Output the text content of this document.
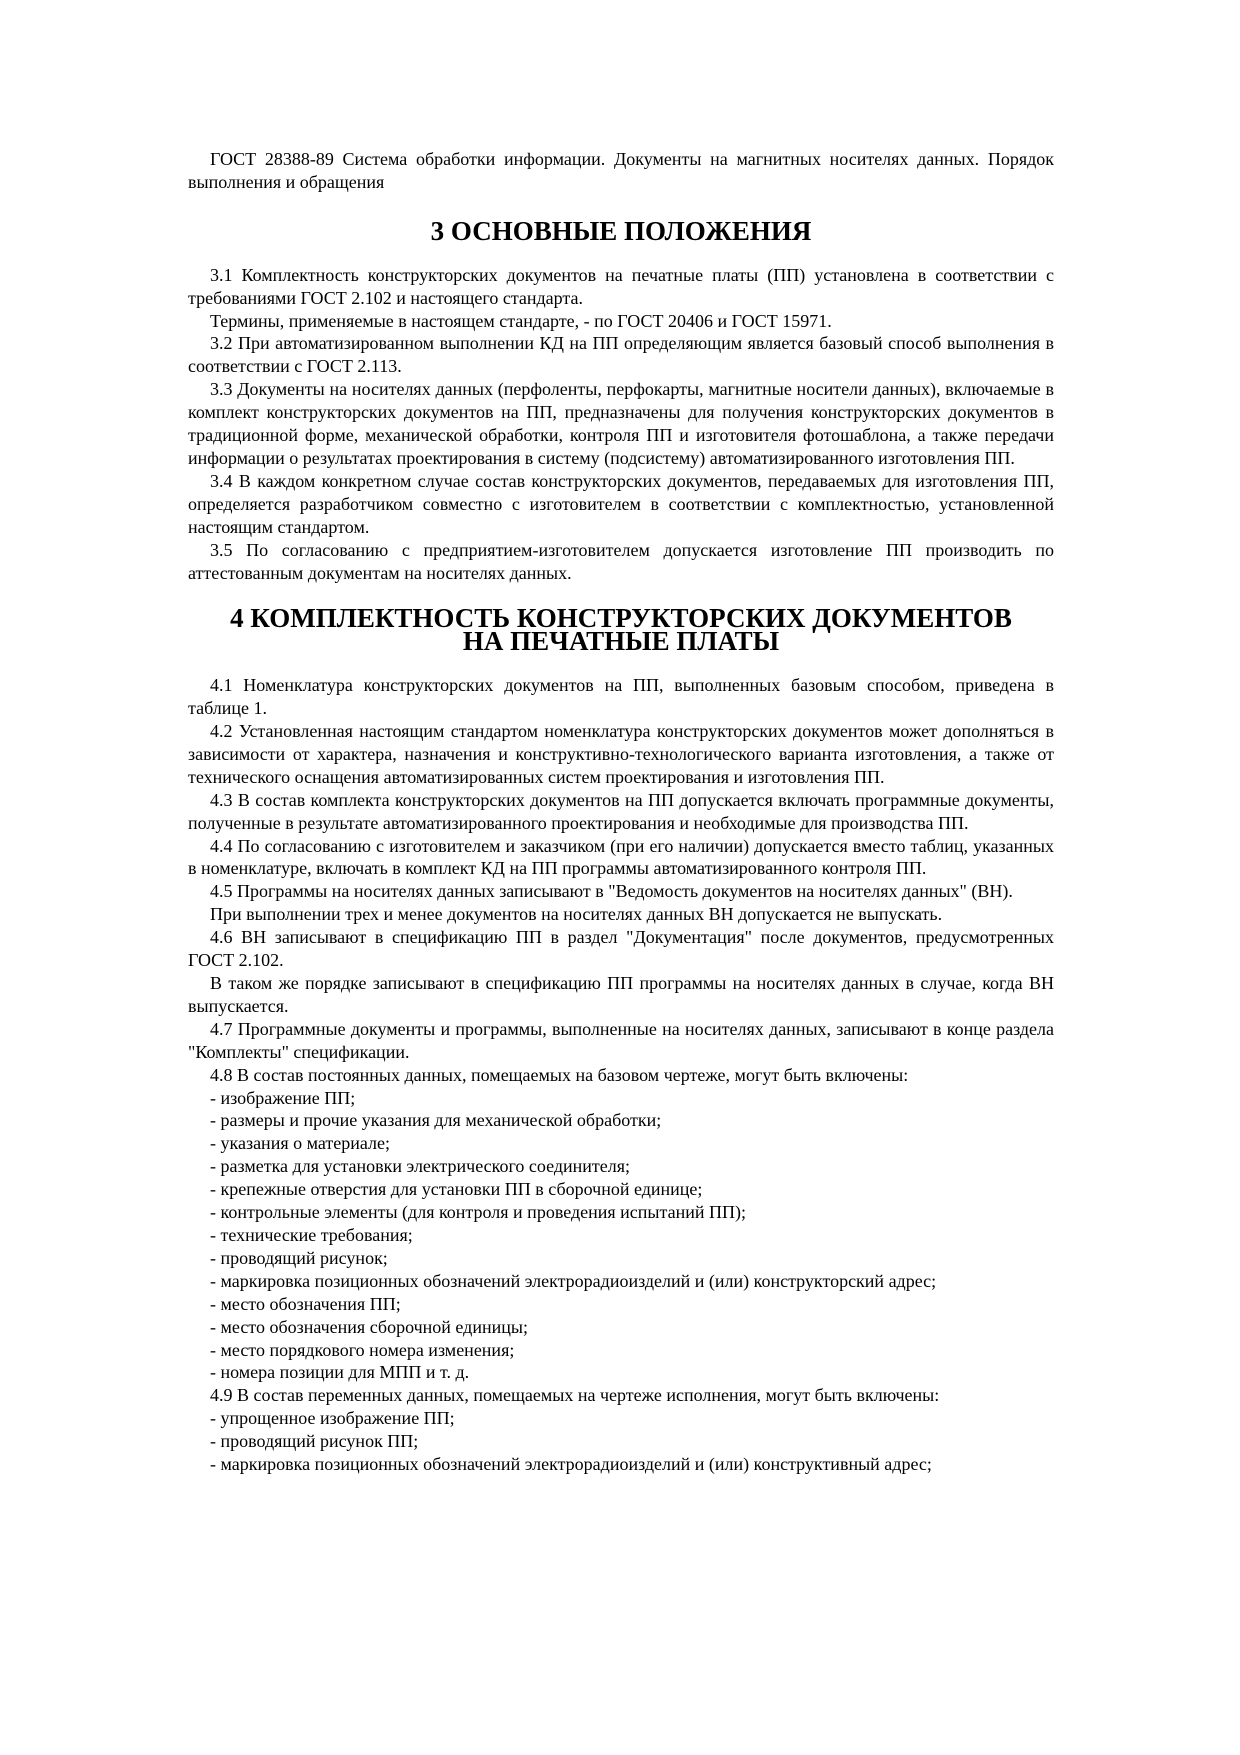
ГОСТ 28388-89 Система обработки информации. Документы на магнитных носителях данных. Порядок выполнения и обращения

3 ОСНОВНЫЕ ПОЛОЖЕНИЯ

3.1 Комплектность конструкторских документов на печатные платы (ПП) установлена в соответствии с требованиями ГОСТ 2.102 и настоящего стандарта.

Термины, применяемые в настоящем стандарте, - по ГОСТ 20406 и ГОСТ 15971.

3.2 При автоматизированном выполнении КД на ПП определяющим является базовый способ выполнения в соответствии с ГОСТ 2.113.

3.3 Документы на носителях данных (перфоленты, перфокарты, магнитные носители данных), включаемые в комплект конструкторских документов на ПП, предназначены для получения конструкторских документов в традиционной форме, механической обработки, контроля ПП и изготовителя фотошаблона, а также передачи информации о результатах проектирования в систему (подсистему) автоматизированного изготовления ПП.

3.4 В каждом конкретном случае состав конструкторских документов, передаваемых для изготовления ПП, определяется разработчиком совместно с изготовителем в соответствии с комплектностью, установленной настоящим стандартом.

3.5 По согласованию с предприятием-изготовителем допускается изготовление ПП производить по аттестованным документам на носителях данных.

4 КОМПЛЕКТНОСТЬ КОНСТРУКТОРСКИХ ДОКУМЕНТОВ
НА ПЕЧАТНЫЕ ПЛАТЫ

4.1 Номенклатура конструкторских документов на ПП, выполненных базовым способом, приведена в таблице 1.

4.2 Установленная настоящим стандартом номенклатура конструкторских документов может дополняться в зависимости от характера, назначения и конструктивно-технологического варианта изготовления, а также от технического оснащения автоматизированных систем проектирования и изготовления ПП.

4.3 В состав комплекта конструкторских документов на ПП допускается включать программные документы, полученные в результате автоматизированного проектирования и необходимые для производства ПП.

4.4 По согласованию с изготовителем и заказчиком (при его наличии) допускается вместо таблиц, указанных в номенклатуре, включать в комплект КД на ПП программы автоматизированного контроля ПП.

4.5 Программы на носителях данных записывают в "Ведомость документов на носителях данных" (ВН).

При выполнении трех и менее документов на носителях данных ВН допускается не выпускать.

4.6 ВН записывают в спецификацию ПП в раздел "Документация" после документов, предусмотренных ГОСТ 2.102.

В таком же порядке записывают в спецификацию ПП программы на носителях данных в случае, когда ВН выпускается.

4.7 Программные документы и программы, выполненные на носителях данных, записывают в конце раздела "Комплекты" спецификации.

4.8 В состав постоянных данных, помещаемых на базовом чертеже, могут быть включены:

- изображение ПП;
- размеры и прочие указания для механической обработки;
- указания о материале;
- разметка для установки электрического соединителя;
- крепежные отверстия для установки ПП в сборочной единице;
- контрольные элементы (для контроля и проведения испытаний ПП);
- технические требования;
- проводящий рисунок;
- маркировка позиционных обозначений электрорадиоизделий и (или) конструкторский адрес;
- место обозначения ПП;
- место обозначения сборочной единицы;
- место порядкового номера изменения;
- номера позиции для МПП и т. д.

4.9 В состав переменных данных, помещаемых на чертеже исполнения, могут быть включены:

- упрощенное изображение ПП;
- проводящий рисунок ПП;
- маркировка позиционных обозначений электрорадиоизделий и (или) конструктивный адрес;
